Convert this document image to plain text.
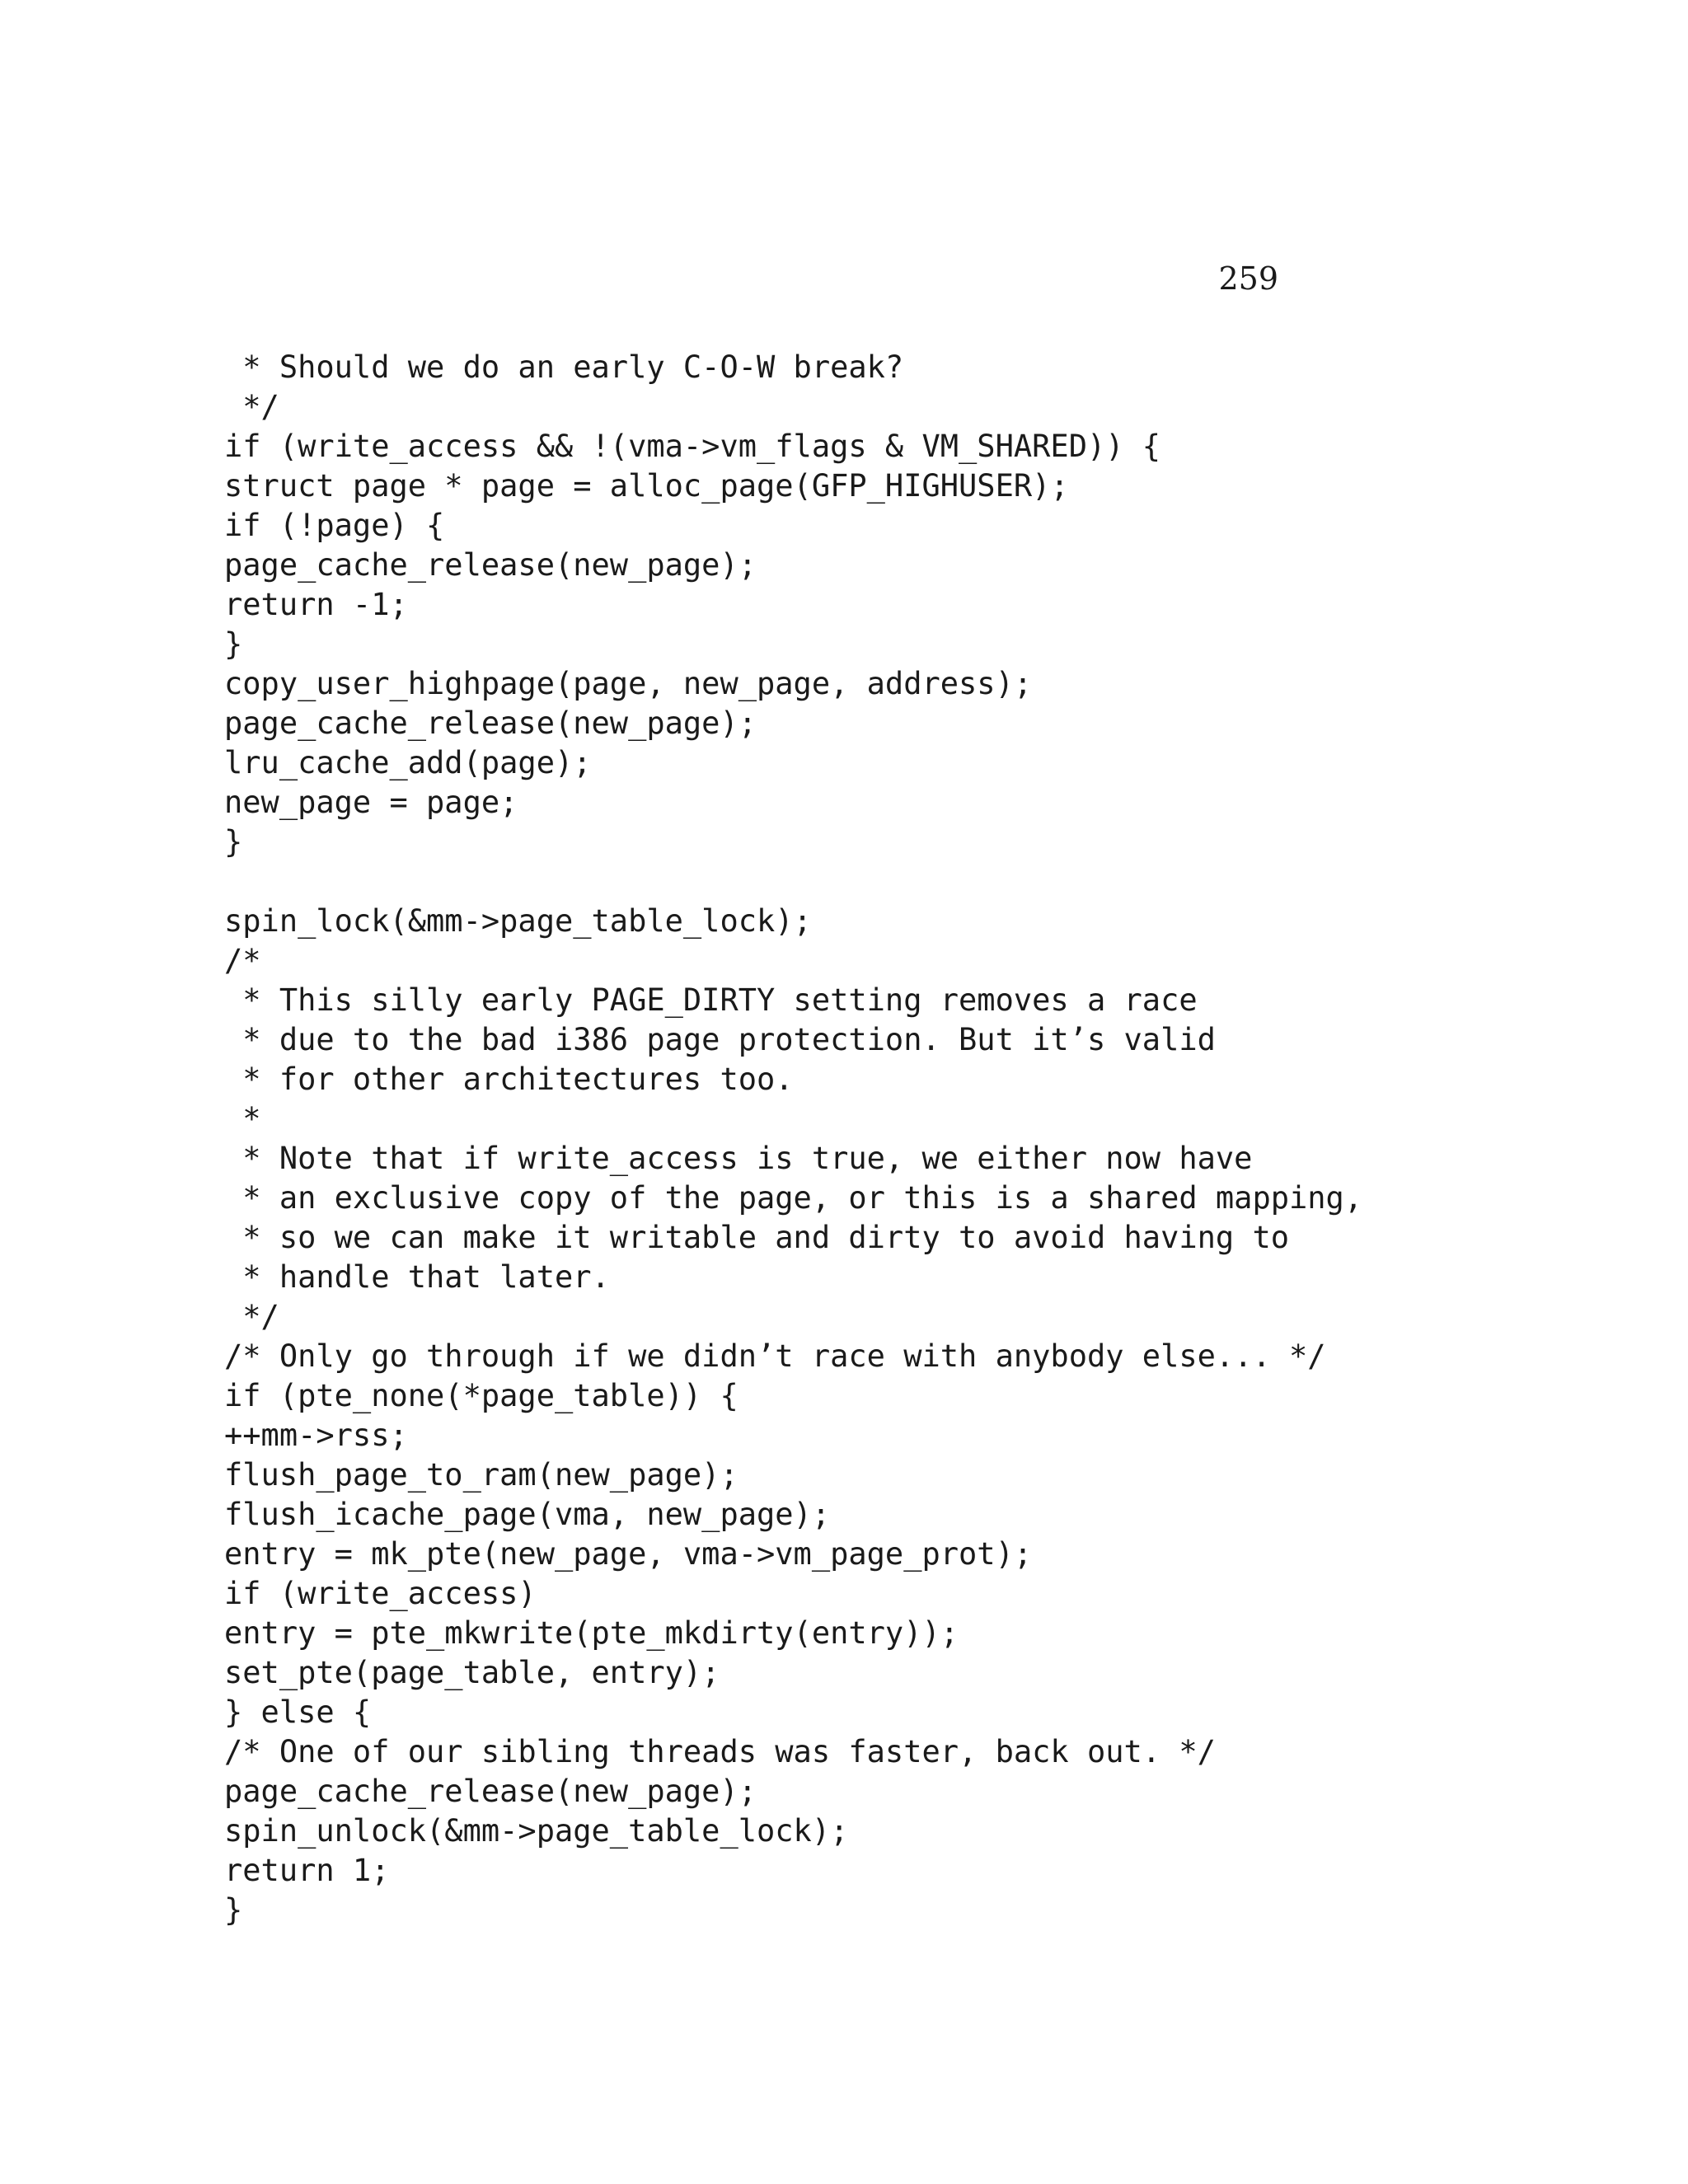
259
* Should we do an early C-O-W break?
*/
if (write_access && !(vma->vm_flags & VM_SHARED)) {
struct page * page = alloc_page(GFP_HIGHUSER);
if (!page) {
page_cache_release(new_page);
return -1;
}
copy_user_highpage(page, new_page, address);
page_cache_release(new_page);
lru_cache_add(page);
new_page = page;
}
spin_lock(&mm->page_table_lock);
/*
* This silly early PAGE_DIRTY setting removes a race
* due to the bad i386 page protection. But it’s valid
* for other architectures too.
*
* Note that if write_access is true, we either now have
* an exclusive copy of the page, or this is a shared mapping,
* so we can make it writable and dirty to avoid having to
* handle that later.
*/
/* Only go through if we didn’t race with anybody else... */
if (pte_none(*page_table)) {
++mm->rss;
flush_page_to_ram(new_page);
flush_icache_page(vma, new_page);
entry = mk_pte(new_page, vma->vm_page_prot);
if (write_access)
entry = pte_mkwrite(pte_mkdirty(entry));
set_pte(page_table, entry);
} else {
/* One of our sibling threads was faster, back out. */
page_cache_release(new_page);
spin_unlock(&mm->page_table_lock);
return 1;
}
